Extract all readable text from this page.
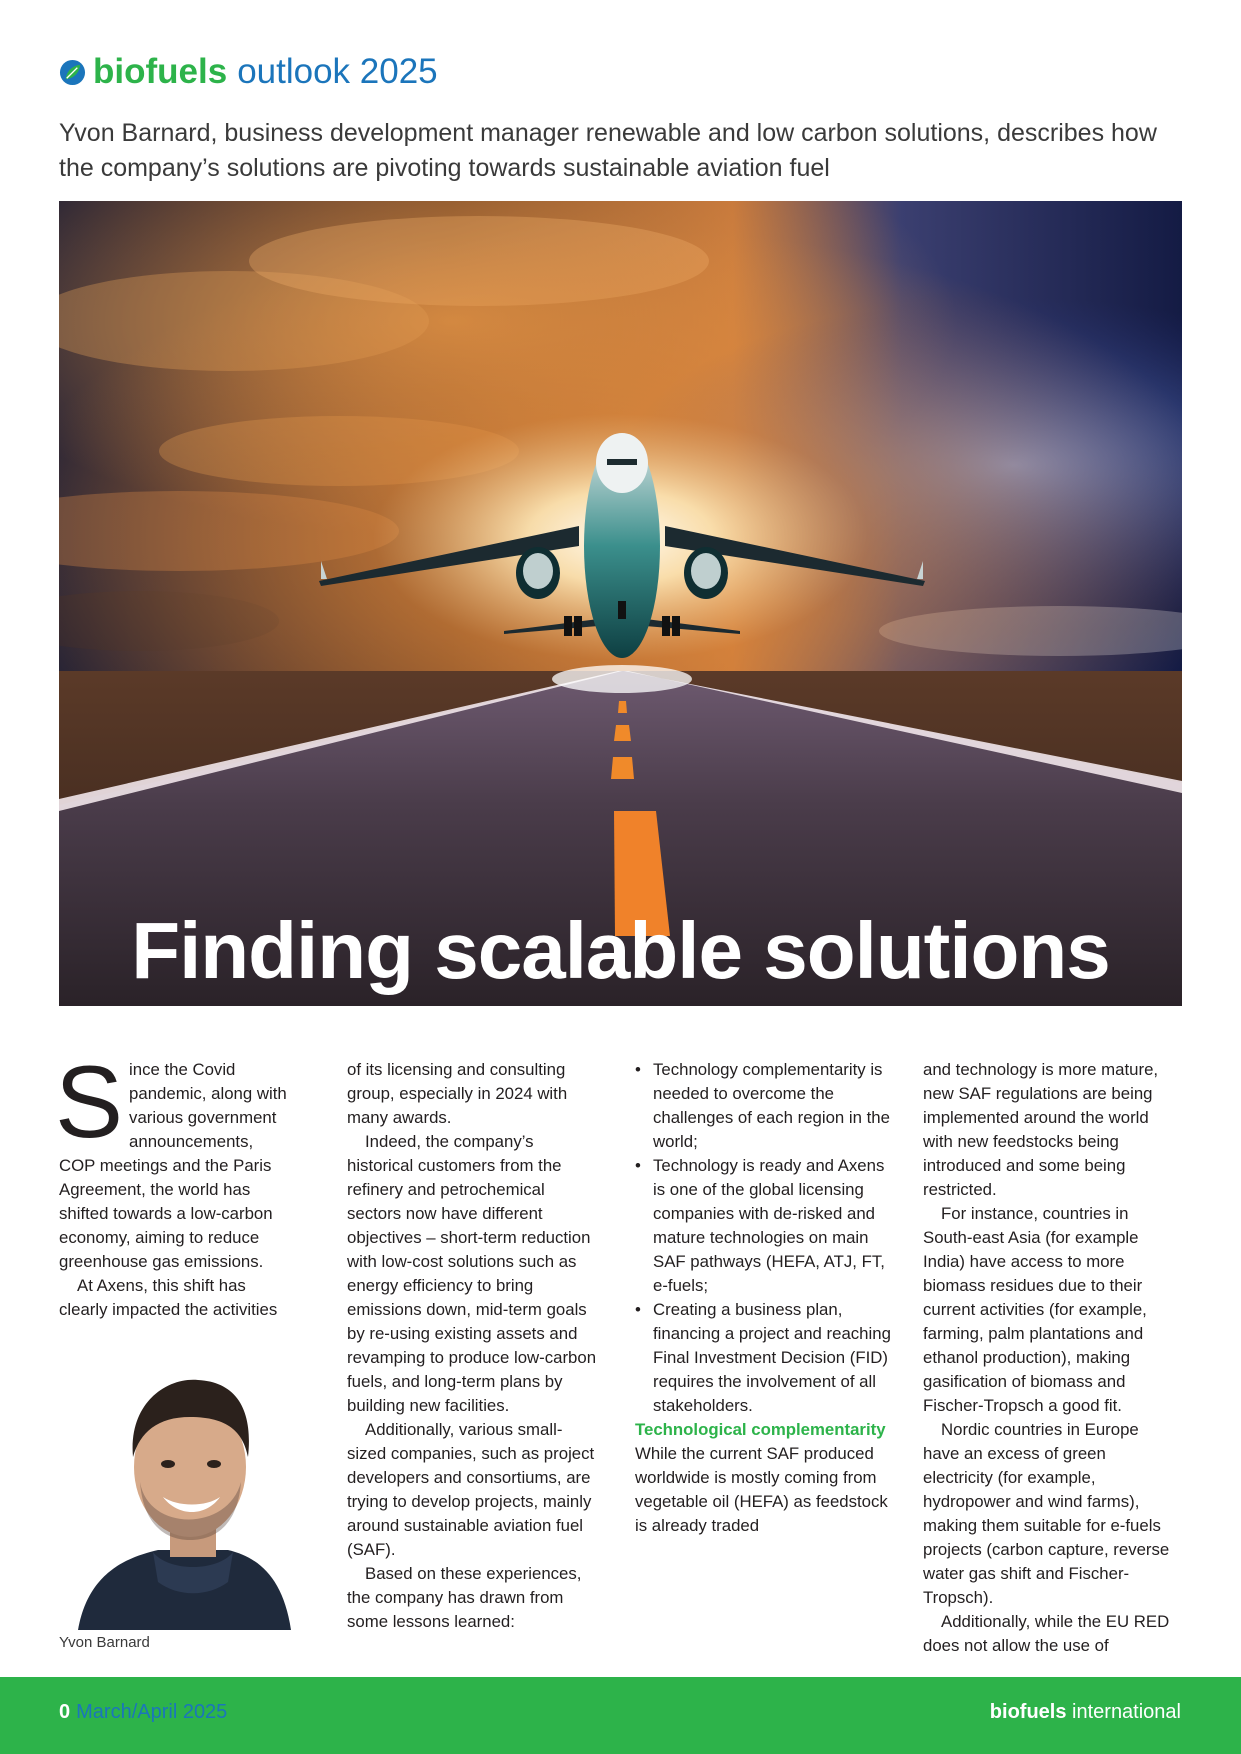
biofuels outlook 2025
Yvon Barnard, business development manager renewable and low carbon solutions, describes how the company’s solutions are pivoting towards sustainable aviation fuel
Finding scalable solutions

Since the Covid pandemic, along with various government announcements, COP meetings and the Paris Agreement, the world has shifted towards a low-carbon economy, aiming to reduce greenhouse gas emissions.

At Axens, this shift has clearly impacted the activities

Yvon Barnard

of its licensing and consulting group, especially in 2024 with many awards.

Indeed, the company’s historical customers from the refinery and petrochemical sectors now have different objectives – short-term reduction with low-cost solutions such as energy efficiency to bring emissions down, mid-term goals by re-using existing assets and revamping to produce low-carbon fuels, and long-term plans by building new facilities.

Additionally, various small-sized companies, such as project developers and consortiums, are trying to develop projects, mainly around sustainable aviation fuel (SAF).

Based on these experiences, the company has drawn from some lessons learned:

• Technology complementarity is needed to overcome the challenges of each region in the world;
• Technology is ready and Axens is one of the global licensing companies with de-risked and mature technologies on main SAF pathways (HEFA, ATJ, FT, e-fuels;
• Creating a business plan, financing a project and reaching Final Investment Decision (FID) requires the involvement of all stakeholders.

Technological complementarity

While the current SAF produced worldwide is mostly coming from vegetable oil (HEFA) as feedstock is already traded

and technology is more mature, new SAF regulations are being implemented around the world with new feedstocks being introduced and some being restricted.

For instance, countries in South-east Asia (for example India) have access to more biomass residues due to their current activities (for example, farming, palm plantations and ethanol production), making gasification of biomass and Fischer-Tropsch a good fit.

Nordic countries in Europe have an excess of green electricity (for example, hydropower and wind farms), making them suitable for e-fuels projects (carbon capture, reverse water gas shift and Fischer-Tropsch).

Additionally, while the EU RED does not allow the use of

0 March/April 2025	biofuels international
